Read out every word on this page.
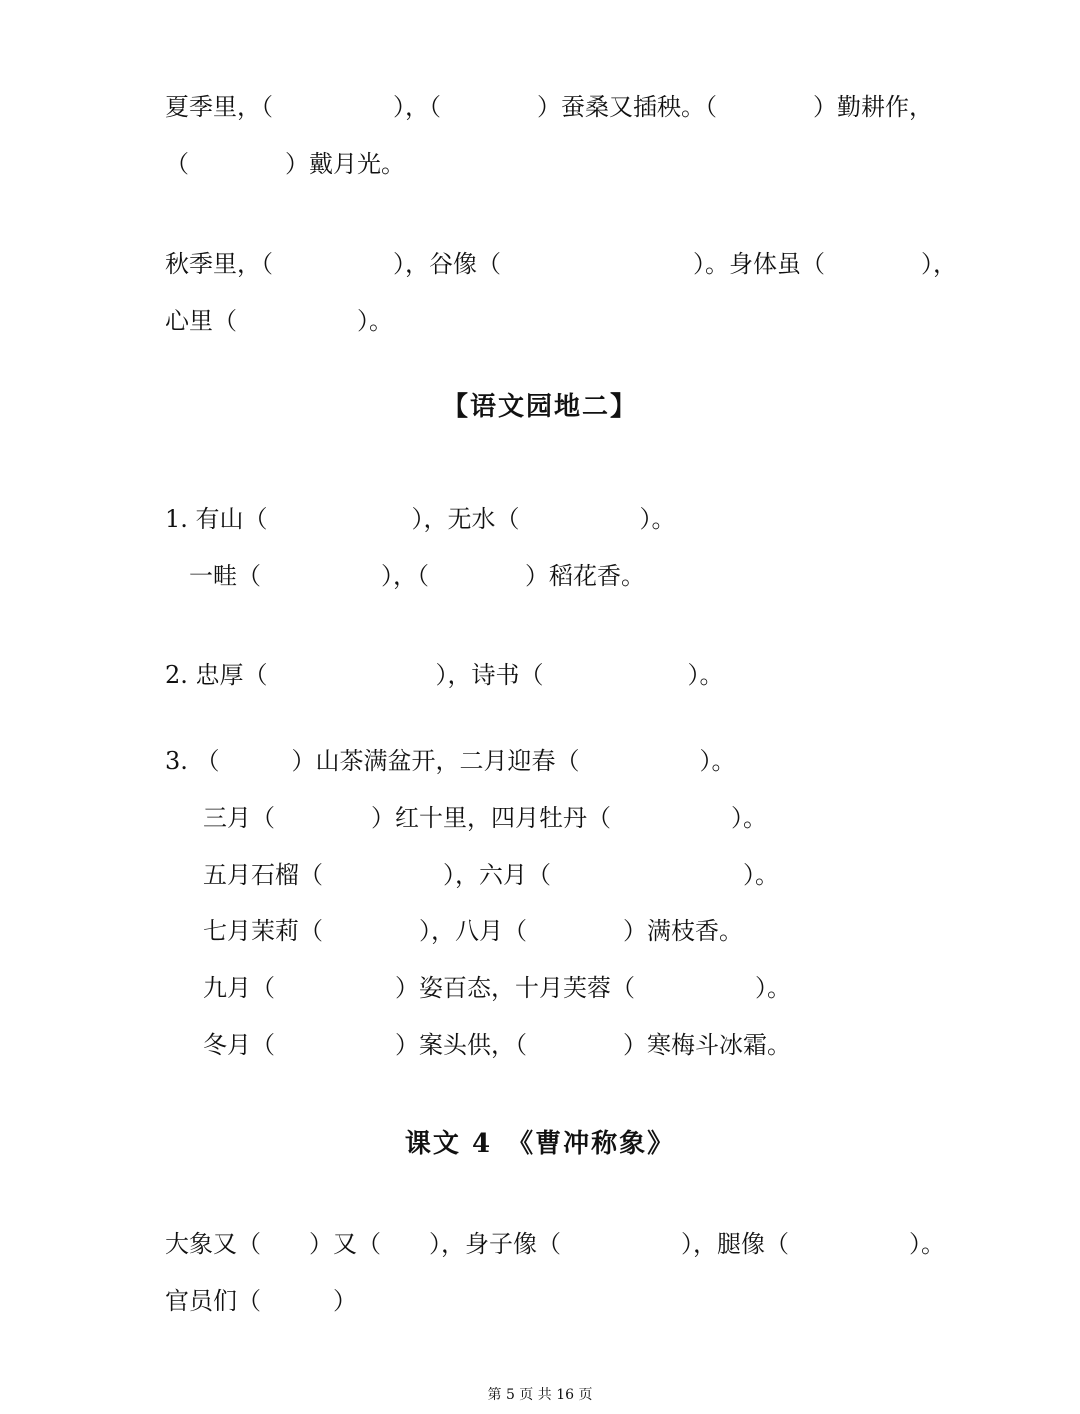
夏季里，（　　　　　），（　　　　）蚕桑又插秧。（　　　　）勤耕作，
（　　　　）戴月光。
秋季里，（　　　　　），谷像（　　　　　　　　）。身体虽（　　　　），
心里（　　　　　）。
【语文园地二】
1. 有山（　　　　　　），无水（　　　　　）。
　一畦（　　　　　），（　　　　）稻花香。
2. 忠厚（　　　　　　　），诗书（　　　　　　）。
3. （　　　）山茶满盆开，二月迎春（　　　　　）。
三月（　　　　）红十里，四月牡丹（　　　　　）。
五月石榴（　　　　　），六月（　　　　　　　　）。
七月茉莉（　　　　），八月（　　　　）满枝香。
九月（　　　　　）姿百态，十月芙蓉（　　　　　）。
冬月（　　　　　）案头供，（　　　　）寒梅斗冰霜。
课文 4　《曹冲称象》
大象又（　　）又（　　），身子像（　　　　　），腿像（　　　　　）。
官员们（　　　）
第 5 页 共 16 页
